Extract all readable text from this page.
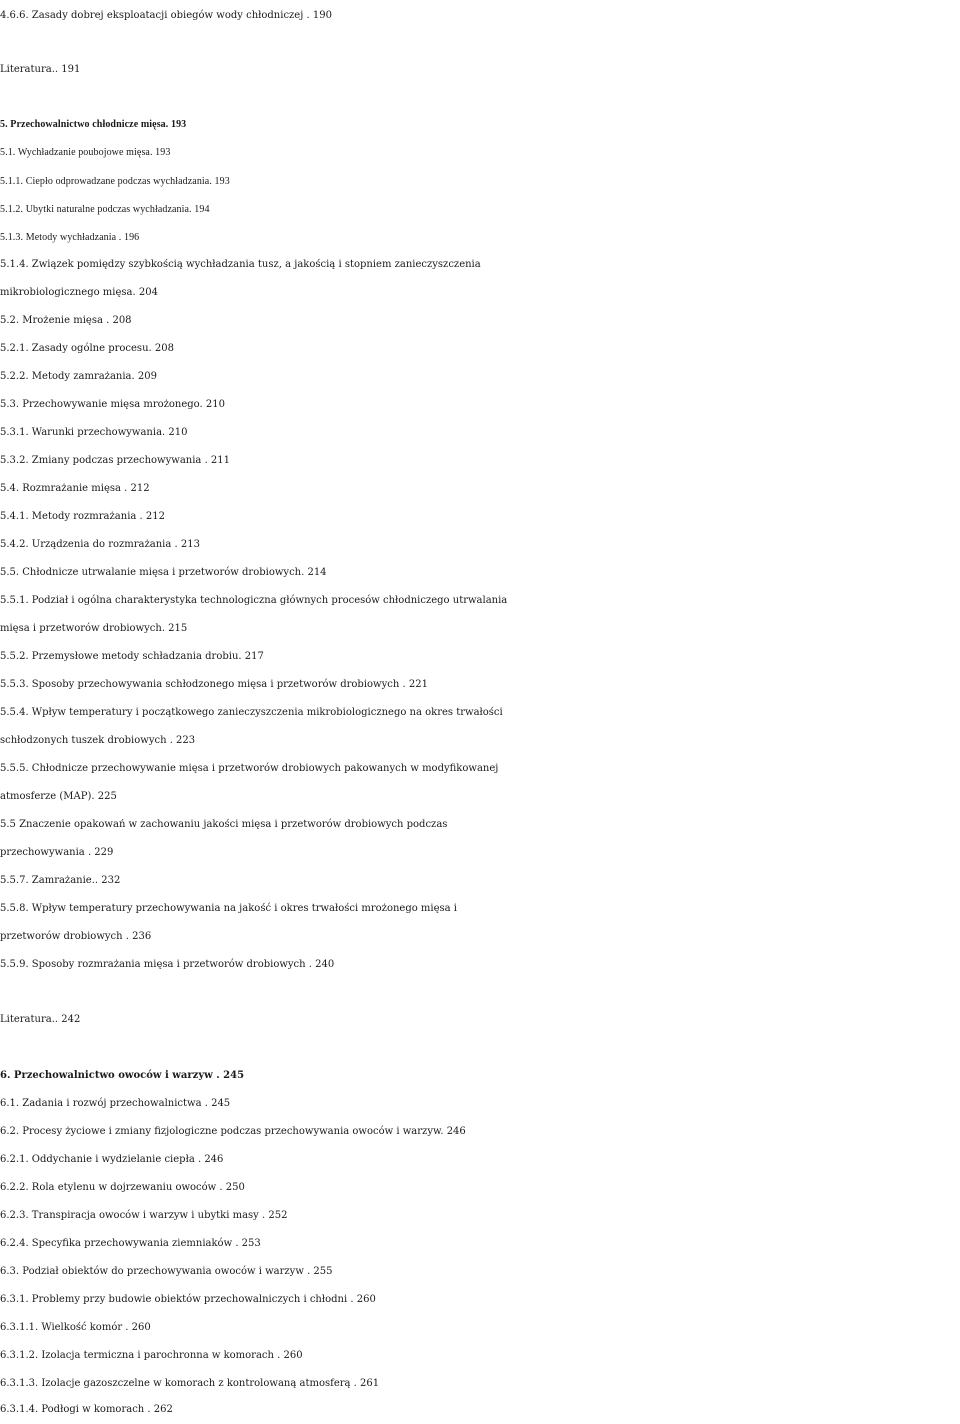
4.6.6. Zasady dobrej eksploatacji obiegów wody chłodniczej . 190

Literatura.. 191

5. Przechowalnictwo chłodnicze mięsa. 193

5.1. Wychładzanie poubojowe mięsa. 193

5.1.1. Ciepło odprowadzane podczas wychładzania. 193

5.1.2. Ubytki naturalne podczas wychładzania. 194

5.1.3. Metody wychładzania . 196

5.1.4. Związek pomiędzy szybkością wychładzania tusz, a jakością i stopniem zanieczyszczenia

mikrobiologicznego mięsa. 204

5.2. Mrożenie mięsa . 208

5.2.1. Zasady ogólne procesu. 208

5.2.2. Metody zamrażania. 209

5.3. Przechowywanie mięsa mrożonego. 210

5.3.1. Warunki przechowywania. 210

5.3.2. Zmiany podczas przechowywania . 211

5.4. Rozmrażanie mięsa . 212

5.4.1. Metody rozmrażania . 212

5.4.2. Urządzenia do rozmrażania . 213

5.5. Chłodnicze utrwalanie mięsa i przetworów drobiowych. 214

5.5.1. Podział i ogólna charakterystyka technologiczna głównych procesów chłodniczego utrwalania

mięsa i przetworów drobiowych. 215

5.5.2. Przemysłowe metody schładzania drobiu. 217

5.5.3. Sposoby przechowywania schłodzonego mięsa i przetworów drobiowych . 221

5.5.4. Wpływ temperatury i początkowego zanieczyszczenia mikrobiologicznego na okres trwałości

schłodzonych tuszek drobiowych . 223

5.5.5. Chłodnicze przechowywanie mięsa i przetworów drobiowych pakowanych w modyfikowanej

atmosferze (MAP). 225

5.5 Znaczenie opakowań w zachowaniu jakości mięsa i przetworów drobiowych podczas

przechowywania . 229

5.5.7. Zamrażanie.. 232

5.5.8. Wpływ temperatury przechowywania na jakość i okres trwałości mrożonego mięsa i

przetworów drobiowych . 236

5.5.9. Sposoby rozmrażania mięsa i przetworów drobiowych . 240

Literatura.. 242

6. Przechowalnictwo owoców i warzyw . 245

6.1. Zadania i rozwój przechowalnictwa . 245

6.2. Procesy życiowe i zmiany fizjologiczne podczas przechowywania owoców i warzyw. 246

6.2.1. Oddychanie i wydzielanie ciepła . 246

6.2.2. Rola etylenu w dojrzewaniu owoców . 250

6.2.3. Transpiracja owoców i warzyw i ubytki masy . 252

6.2.4. Specyfika przechowywania ziemniaków . 253

6.3. Podział obiektów do przechowywania owoców i warzyw . 255

6.3.1. Problemy przy budowie obiektów przechowalniczych i chłodni . 260

6.3.1.1. Wielkość komór . 260

6.3.1.2. Izolacja termiczna i parochronna w komorach . 260

6.3.1.3. Izolacje gazoszczelne w komorach z kontrolowaną atmosferą . 261

6.3.1.4. Podłogi w komorach . 262
